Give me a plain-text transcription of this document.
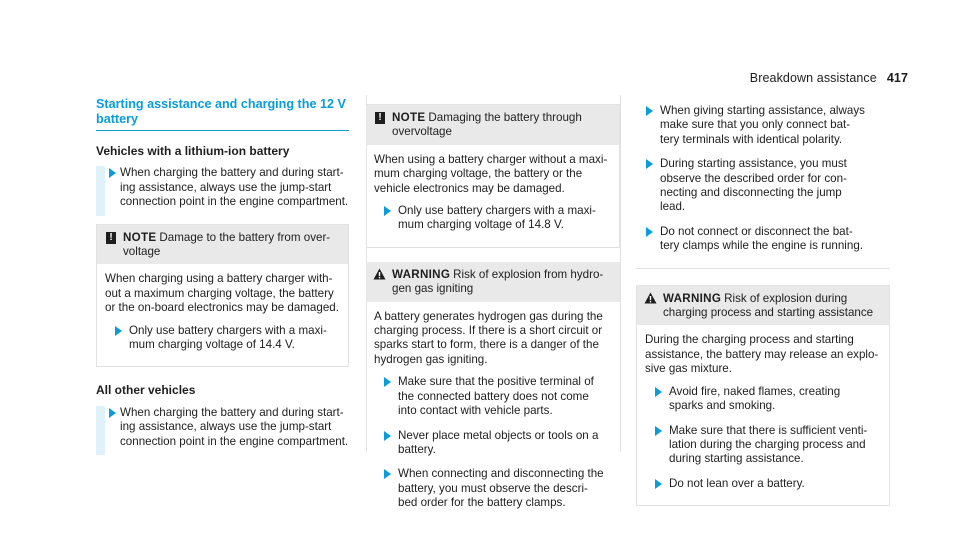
Breakdown assistance 417
Starting assistance and charging the 12 V
battery
Vehicles with a lithium-ion battery
When charging the battery and during start-
ing assistance, always use the jump-start
connection point in the engine compartment.
! NOTE Damage to the battery from over-
voltage

When charging using a battery charger with-
out a maximum charging voltage, the battery
or the on-board electronics may be damaged.

Only use battery chargers with a maxi-
mum charging voltage of 14.4 V.
All other vehicles
When charging the battery and during start-
ing assistance, always use the jump-start
connection point in the engine compartment.
! NOTE Damaging the battery through
overvoltage

When using a battery charger without a maxi-
mum charging voltage, the battery or the
vehicle electronics may be damaged.

Only use battery chargers with a maxi-
mum charging voltage of 14.8 V.
WARNING Risk of explosion from hydro-
gen gas igniting

A battery generates hydrogen gas during the
charging process. If there is a short circuit or
sparks start to form, there is a danger of the
hydrogen gas igniting.

Make sure that the positive terminal of
the connected battery does not come
into contact with vehicle parts.
Never place metal objects or tools on a
battery.
When connecting and disconnecting the
battery, you must observe the descri-
bed order for the battery clamps.
When giving starting assistance, always
make sure that you only connect bat-
tery terminals with identical polarity.
During starting assistance, you must
observe the described order for con-
necting and disconnecting the jump
lead.
Do not connect or disconnect the bat-
tery clamps while the engine is running.
WARNING Risk of explosion during
charging process and starting assistance

During the charging process and starting
assistance, the battery may release an explo-
sive gas mixture.

Avoid fire, naked flames, creating
sparks and smoking.
Make sure that there is sufficient venti-
lation during the charging process and
during starting assistance.
Do not lean over a battery.
